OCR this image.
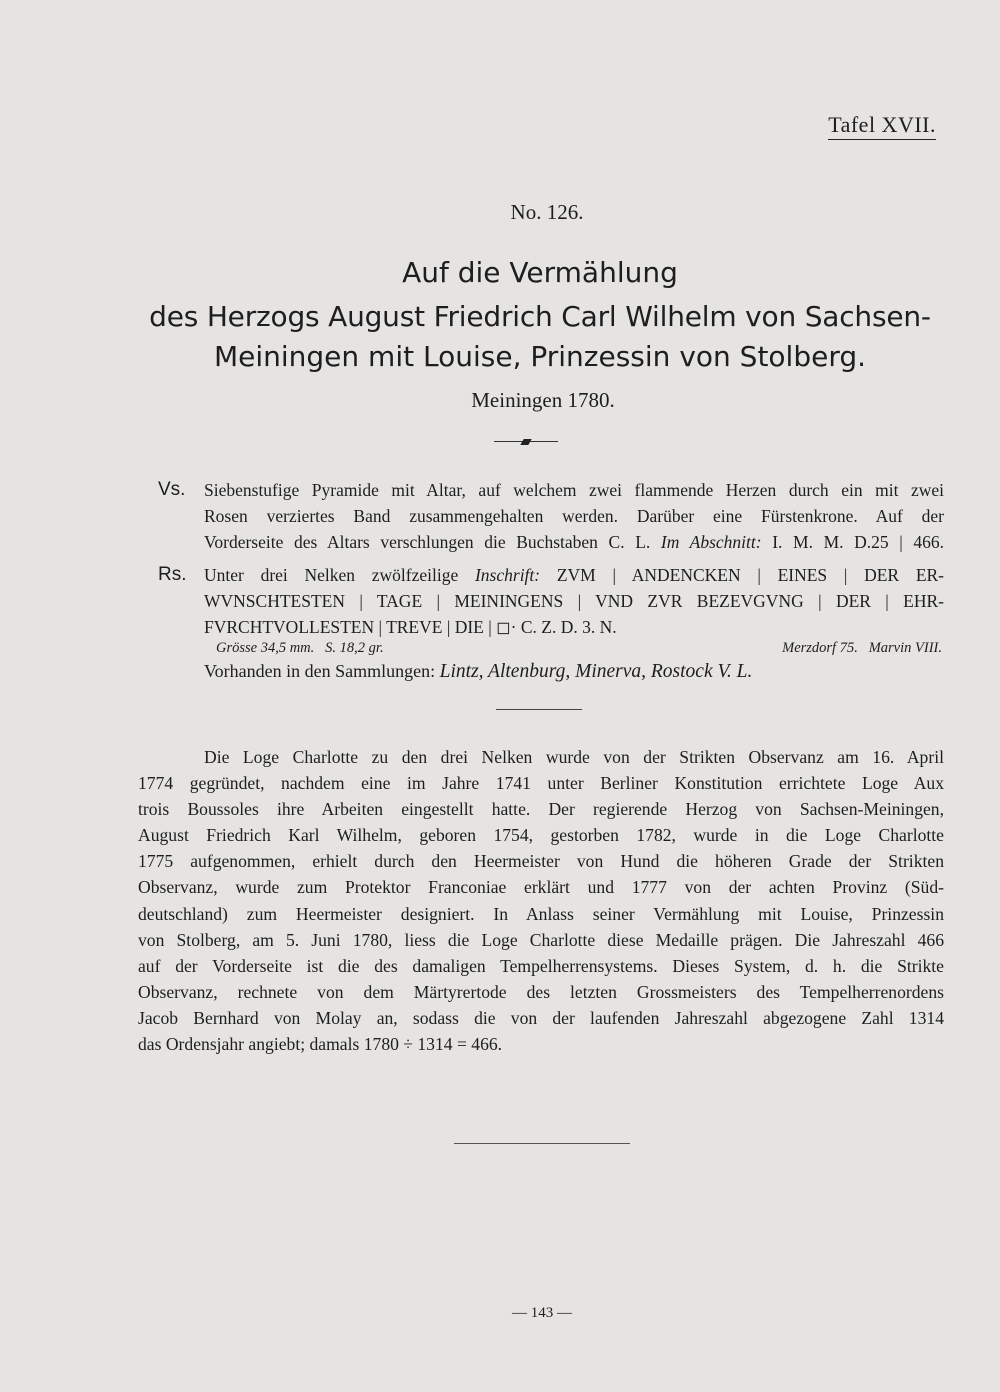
Tafel XVII.
No. 126.
Auf die Vermählung
des Herzogs August Friedrich Carl Wilhelm von Sachsen-
Meiningen mit Louise, Prinzessin von Stolberg.
Meiningen 1780.
Vs. Siebenstufige Pyramide mit Altar, auf welchem zwei flammende Herzen durch ein mit zwei
Rosen verziertes Band zusammengehalten werden. Darüber eine Fürstenkrone. Auf der
Vorderseite des Altars verschlungen die Buchstaben C. L. Im Abschnitt: I. M. M. D.25 | 466.
Rs. Unter drei Nelken zwölfzeilige Inschrift: ZVM | ANDENCKEN | EINES | DER ER-
WVNSCHTESTEN | TAGE | MEININGENS | VND ZVR BEZEVGVNG | DER | EHR-
FVRCHTVOLLESTEN | TREVE | DIE | ◻· C. Z. D. 3. N.
Grösse 34,5 mm.   S. 18,2 gr.	Merzdorf 75.   Marvin VIII.
Vorhanden in den Sammlungen: Lintz, Altenburg, Minerva, Rostock V. L.

Die Loge Charlotte zu den drei Nelken wurde von der Strikten Observanz am 16. April

1774 gegründet, nachdem eine im Jahre 1741 unter Berliner Konstitution errichtete Loge Aux

trois Boussoles ihre Arbeiten eingestellt hatte. Der regierende Herzog von Sachsen-Meiningen,

August Friedrich Karl Wilhelm, geboren 1754, gestorben 1782, wurde in die Loge Charlotte

1775 aufgenommen, erhielt durch den Heermeister von Hund die höheren Grade der Strikten

Observanz, wurde zum Protektor Franconiae erklärt und 1777 von der achten Provinz (Süd-

deutschland) zum Heermeister designiert. In Anlass seiner Vermählung mit Louise, Prinzessin

von Stolberg, am 5. Juni 1780, liess die Loge Charlotte diese Medaille prägen. Die Jahreszahl 466

auf der Vorderseite ist die des damaligen Tempelherrensystems. Dieses System, d. h. die Strikte

Observanz, rechnete von dem Märtyrertode des letzten Grossmeisters des Tempelherrenordens

Jacob Bernhard von Molay an, sodass die von der laufenden Jahreszahl abgezogene Zahl 1314

das Ordensjahr angiebt; damals 1780 ÷ 1314 = 466.

— 143 —
